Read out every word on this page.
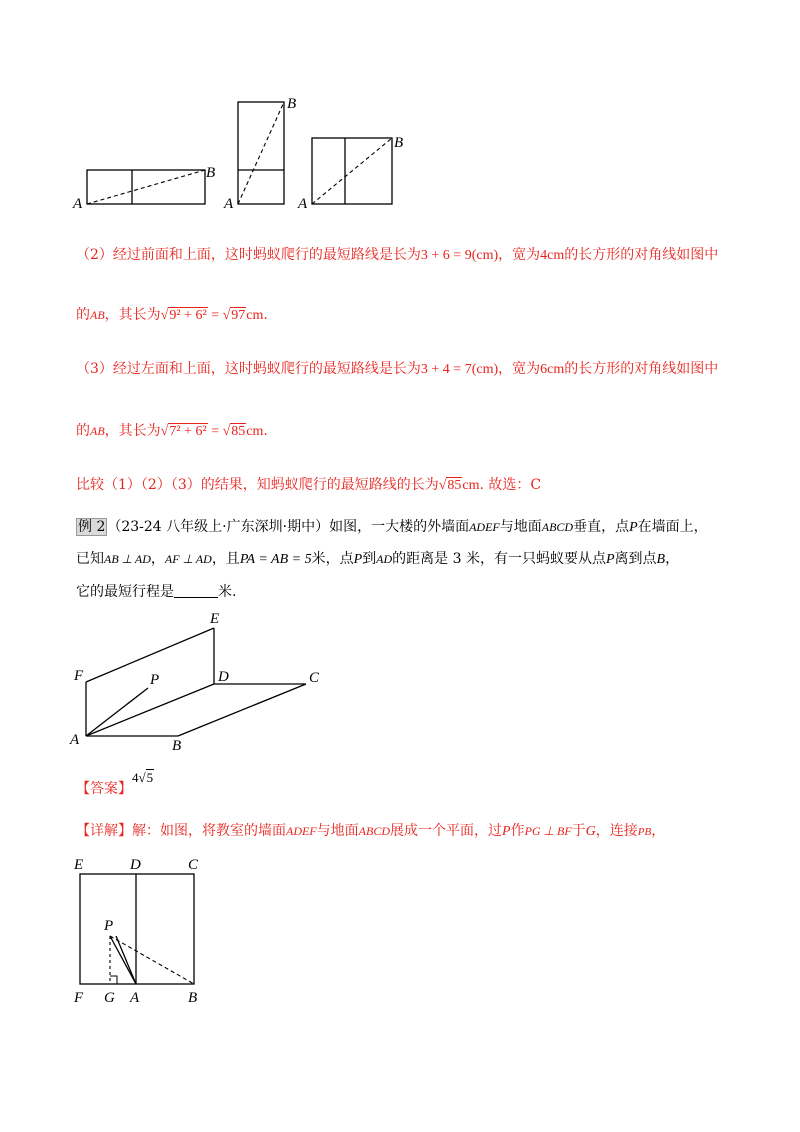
A
B
A
B
A
B
（2）经过前面和上面，这时蚂蚁爬行的最短路线是长为3 + 6 = 9(cm)，宽为4cm的长方形的对角线如图中
的AB，其长为√9² + 6² = √97cm.
（3）经过左面和上面，这时蚂蚁爬行的最短路线是长为3 + 4 = 7(cm)，宽为6cm的长方形的对角线如图中
的AB，其长为√7² + 6² = √85cm.
比较（1）（2）（3）的结果，知蚂蚁爬行的最短路线的长为√85cm. 故选：C
例 2 （23-24 八年级上·广东深圳·期中）如图，一大楼的外墙面ADEF与地面ABCD垂直，点P在墙面上，
已知AB ⊥ AD，AF ⊥ AD，且PA = AB = 5米，点P到AD的距离是 3 米，有一只蚂蚁要从点P离到点B，
它的最短行程是	米.
E
F	P	D	C
A	B
【答案】
4√5
【详解】解：如图，将教室的墙面ADEF与地面ABCD展成一个平面，过P作PG ⊥ BF于G，连接PB，
E	D	C
P
F G A	B
